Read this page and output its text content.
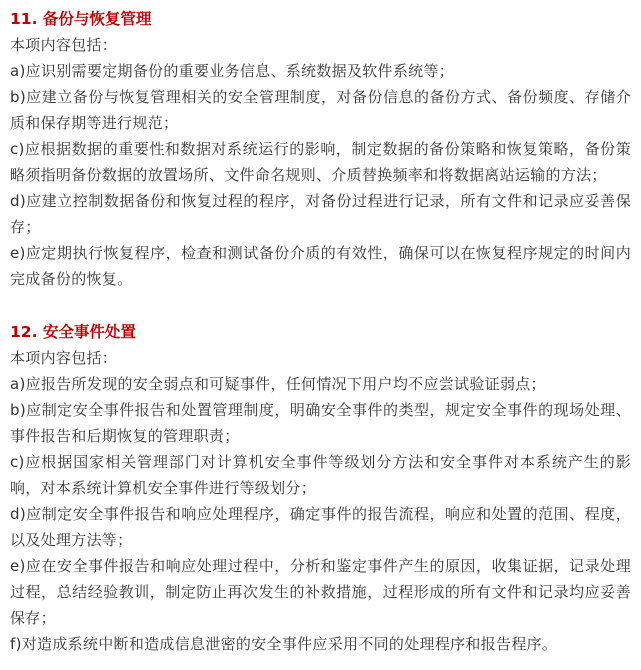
11. 备份与恢复管理

本项内容包括：

a)应识别需要定期备份的重要业务信息、系统数据及软件系统等；

b)应建立备份与恢复管理相关的安全管理制度，对备份信息的备份方式、备份频度、存储介质和保存期等进行规范；

c)应根据数据的重要性和数据对系统运行的影响，制定数据的备份策略和恢复策略，备份策略须指明备份数据的放置场所、文件命名规则、介质替换频率和将数据离站运输的方法；

d)应建立控制数据备份和恢复过程的程序，对备份过程进行记录，所有文件和记录应妥善保存；

e)应定期执行恢复程序，检查和测试备份介质的有效性，确保可以在恢复程序规定的时间内完成备份的恢复。

12. 安全事件处置

本项内容包括：

a)应报告所发现的安全弱点和可疑事件，任何情况下用户均不应尝试验证弱点；

b)应制定安全事件报告和处置管理制度，明确安全事件的类型，规定安全事件的现场处理、事件报告和后期恢复的管理职责；

c)应根据国家相关管理部门对计算机安全事件等级划分方法和安全事件对本系统产生的影响，对本系统计算机安全事件进行等级划分；

d)应制定安全事件报告和响应处理程序，确定事件的报告流程，响应和处置的范围、程度，以及处理方法等；

e)应在安全事件报告和响应处理过程中，分析和鉴定事件产生的原因，收集证据，记录处理过程，总结经验教训，制定防止再次发生的补救措施，过程形成的所有文件和记录均应妥善保存；

f)对造成系统中断和造成信息泄密的安全事件应采用不同的处理程序和报告程序。
